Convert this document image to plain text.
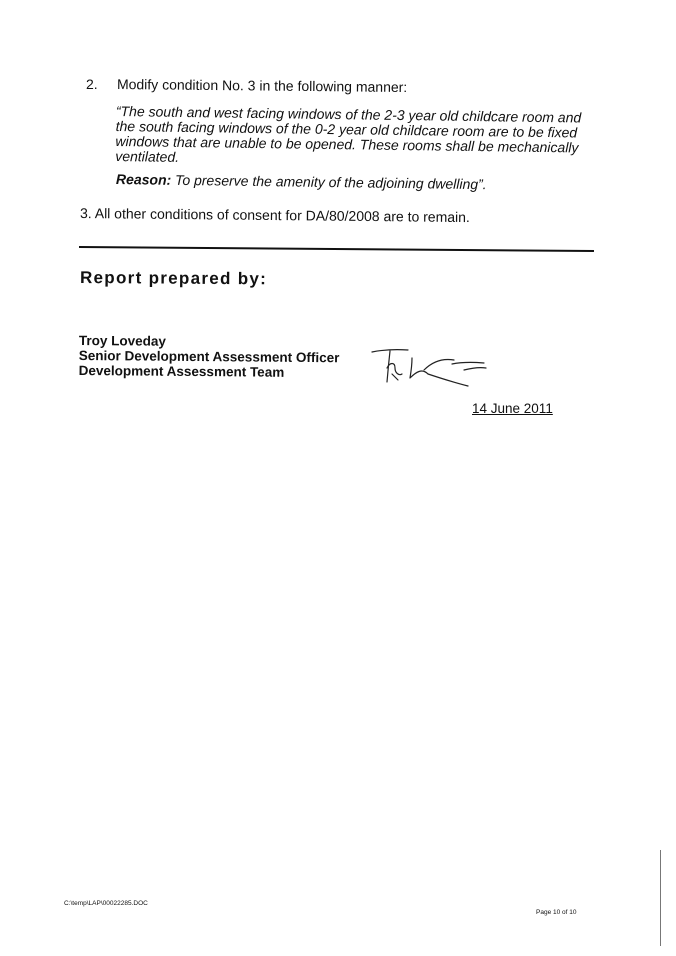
2. Modify condition No. 3 in the following manner:
“The south and west facing windows of the 2-3 year old childcare room and the south facing windows of the 0-2 year old childcare room are to be fixed windows that are unable to be opened. These rooms shall be mechanically ventilated.
Reason: To preserve the amenity of the adjoining dwelling”.
3. All other conditions of consent for DA/80/2008 are to remain.
Report prepared by:
Troy Loveday
Senior Development Assessment Officer
Development Assessment Team
14 June 2011
C:\temp\LAP\00022285.DOC
Page 10 of 10
